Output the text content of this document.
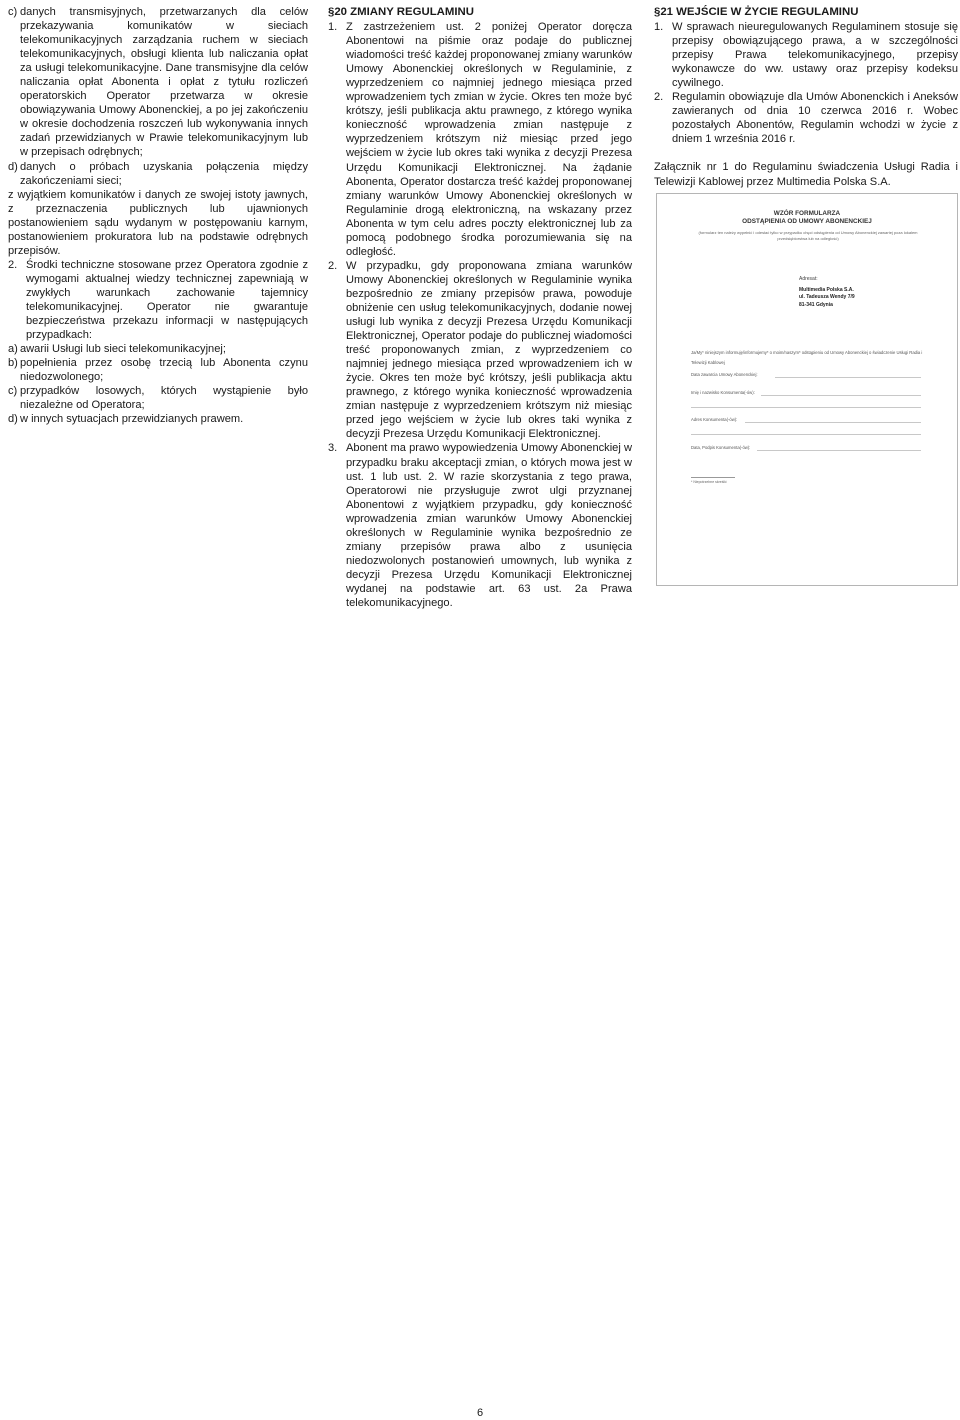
c) danych transmisyjnych, przetwarzanych dla celów przekazywania komunikatów w sieciach telekomunikacyjnych zarządzania ruchem w sieciach telekomunikacyjnych, obsługi klienta lub naliczania opłat za usługi telekomunikacyjne. Dane transmisyjne dla celów naliczania opłat Abonenta i opłat z tytułu rozliczeń operatorskich Operator przetwarza w okresie obowiązywania Umowy Abonenckiej, a po jej zakończeniu w okresie dochodzenia roszczeń lub wykonywania innych zadań przewidzianych w Prawie telekomunikacyjnym lub w przepisach odrębnych;
d) danych o próbach uzyskania połączenia między zakończeniami sieci;
z wyjątkiem komunikatów i danych ze swojej istoty jawnych, z przeznaczenia publicznych lub ujawnionych postanowieniem sądu wydanym w postępowaniu karnym, postanowieniem prokuratora lub na podstawie odrębnych przepisów.
2. Środki techniczne stosowane przez Operatora zgodnie z wymogami aktualnej wiedzy technicznej zapewniają w zwykłych warunkach zachowanie tajemnicy telekomunikacyjnej. Operator nie gwarantuje bezpieczeństwa przekazu informacji w następujących przypadkach:
a) awarii Usługi lub sieci telekomunikacyjnej;
b) popełnienia przez osobę trzecią lub Abonenta czynu niedozwolonego;
c) przypadków losowych, których wystąpienie było niezależne od Operatora;
d) w innych sytuacjach przewidzianych prawem.
§20 ZMIANY REGULAMINU
1. Z zastrzeżeniem ust. 2 poniżej Operator doręcza Abonentowi na piśmie oraz podaje do publicznej wiadomości treść każdej proponowanej zmiany warunków Umowy Abonenckiej określonych w Regulaminie, z wyprzedzeniem co najmniej jednego miesiąca przed wprowadzeniem tych zmian w życie. Okres ten może być krótszy, jeśli publikacja aktu prawnego, z którego wynika konieczność wprowadzenia zmian następuje z wyprzedzeniem krótszym niż miesiąc przed jego wejściem w życie lub okres taki wynika z decyzji Prezesa Urzędu Komunikacji Elektronicznej. Na żądanie Abonenta, Operator dostarcza treść każdej proponowanej zmiany warunków Umowy Abonenckiej określonych w Regulaminie drogą elektroniczną, na wskazany przez Abonenta w tym celu adres poczty elektronicznej lub za pomocą podobnego środka porozumiewania się na odległość.
2. W przypadku, gdy proponowana zmiana warunków Umowy Abonenckiej określonych w Regulaminie wynika bezpośrednio ze zmiany przepisów prawa, powoduje obniżenie cen usług telekomunikacyjnych, dodanie nowej usługi lub wynika z decyzji Prezesa Urzędu Komunikacji Elektronicznej, Operator podaje do publicznej wiadomości treść proponowanych zmian, z wyprzedzeniem co najmniej jednego miesiąca przed wprowadzeniem ich w życie. Okres ten może być krótszy, jeśli publikacja aktu prawnego, z którego wynika konieczność wprowadzenia zmian następuje z wyprzedzeniem krótszym niż miesiąc przed jego wejściem w życie lub okres taki wynika z decyzji Prezesa Urzędu Komunikacji Elektronicznej.
3. Abonent ma prawo wypowiedzenia Umowy Abonenckiej w przypadku braku akceptacji zmian, o których mowa jest w ust. 1 lub ust. 2. W razie skorzystania z tego prawa, Operatorowi nie przysługuje zwrot ulgi przyznanej Abonentowi z wyjątkiem przypadku, gdy konieczność wprowadzenia zmian warunków Umowy Abonenckiej określonych w Regulaminie wynika bezpośrednio ze zmiany przepisów prawa albo z usunięcia niedozwolonych postanowień umownych, lub wynika z decyzji Prezesa Urzędu Komunikacji Elektronicznej wydanej na podstawie art. 63 ust. 2a Prawa telekomunikacyjnego.
§21 WEJŚCIE W ŻYCIE REGULAMINU
1. W sprawach nieuregulowanych Regulaminem stosuje się przepisy obowiązującego prawa, a w szczególności przepisy Prawa telekomunikacyjnego, przepisy wykonawcze do ww. ustawy oraz przepisy kodeksu cywilnego.
2. Regulamin obowiązuje dla Umów Abonenckich i Aneksów zawieranych od dnia 10 czerwca 2016 r. Wobec pozostałych Abonentów, Regulamin wchodzi w życie z dniem 1 września 2016 r.
Załącznik nr 1 do Regulaminu świadczenia Usługi Radia i Telewizji Kablowej przez Multimedia Polska S.A.
WZÓR FORMULARZA
ODSTĄPIENIA OD UMOWY ABONENCKIEJ
(formularz ten należy wypełnić i odesłać tylko w przypadku chęci odstąpienia od Umowy Abonenckiej zawartej poza lokalem przedsiębiorstwa lub na odległość)
Adresat:
Multimedia Polska S.A.
ul. Tadeusza Wendy 7/9
81-341 Gdynia
Ja/My* niniejszym informuję/informujemy* o moim/naszym* odstąpieniu od Umowy Abonenckiej o świadczenie Usługi Radia i Telewizji Kablowej
Data zawarcia Umowy Abonenckiej:
Imię i nazwisko Konsumenta(-ów):
Adres Konsumenta(-ów):
Data, Podpis Konsumenta(-ów):
* Niepotrzebne skreślić
6
